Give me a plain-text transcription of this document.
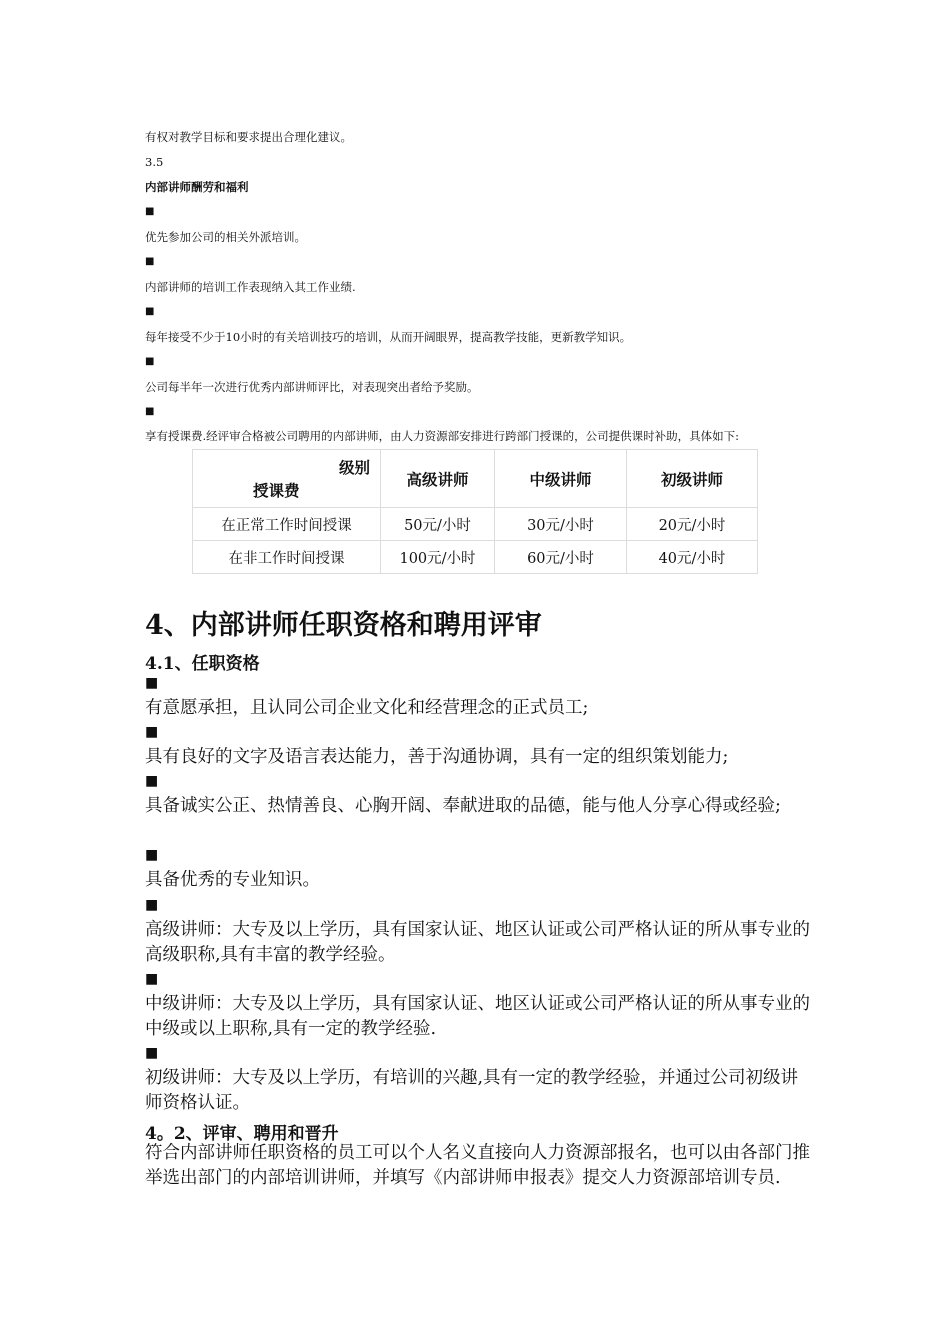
有权对教学目标和要求提出合理化建议。

3.5

内部讲师酬劳和福利

■

优先参加公司的相关外派培训。

■

内部讲师的培训工作表现纳入其工作业绩.

■

每年接受不少于10小时的有关培训技巧的培训，从而开阔眼界，提高教学技能，更新教学知识。

■

公司每半年一次进行优秀内部讲师评比，对表现突出者给予奖励。

■

享有授课费.经评审合格被公司聘用的内部讲师，由人力资源部安排进行跨部门授课的，公司提供课时补助，具体如下:

级别
授课费	高级讲师	中级讲师	初级讲师
在正常工作时间授课	50元/小时	30元/小时	20元/小时
在非工作时间授课	100元/小时	60元/小时	40元/小时
4、内部讲师任职资格和聘用评审
4.1、任职资格

■

有意愿承担，且认同公司企业文化和经营理念的正式员工;

■

具有良好的文字及语言表达能力，善于沟通协调，具有一定的组织策划能力;

■

具备诚实公正、热情善良、心胸开阔、奉献进取的品德，能与他人分享心得或经验;

■

具备优秀的专业知识。

■

高级讲师：大专及以上学历，具有国家认证、地区认证或公司严格认证的所从事专业的高级职称,具有丰富的教学经验。

■

中级讲师：大专及以上学历，具有国家认证、地区认证或公司严格认证的所从事专业的中级或以上职称,具有一定的教学经验.

■

初级讲师：大专及以上学历，有培训的兴趣,具有一定的教学经验，并通过公司初级讲师资格认证。

4。2、评审、聘用和晋升

符合内部讲师任职资格的员工可以个人名义直接向人力资源部报名，也可以由各部门推举选出部门的内部培训讲师，并填写《内部讲师申报表》提交人力资源部培训专员.
